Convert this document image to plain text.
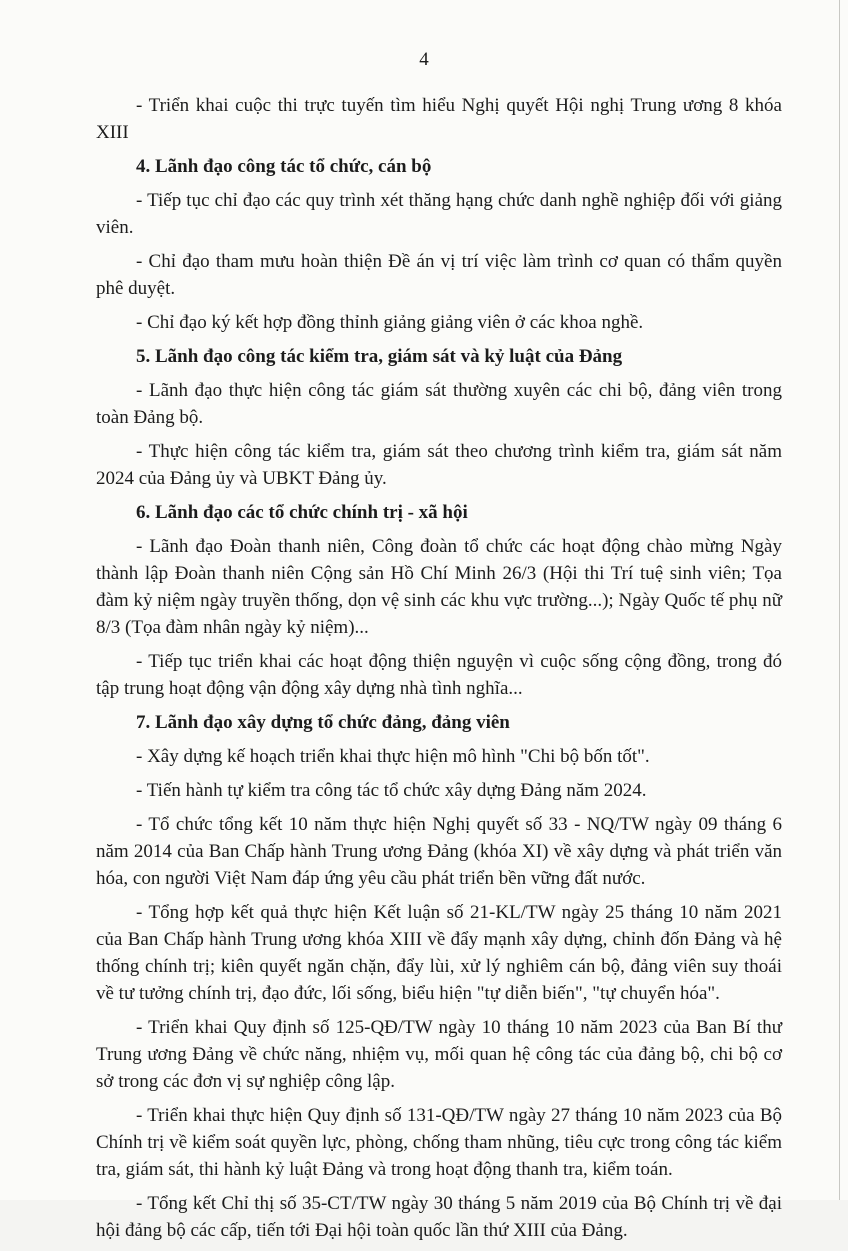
4

- Triển khai cuộc thi trực tuyến tìm hiểu Nghị quyết Hội nghị Trung ương 8 khóa XIII

4. Lãnh đạo công tác tổ chức, cán bộ

- Tiếp tục chỉ đạo các quy trình xét thăng hạng chức danh nghề nghiệp đối với giảng viên.

- Chỉ đạo tham mưu hoàn thiện Đề án vị trí việc làm trình cơ quan có thẩm quyền phê duyệt.

- Chỉ đạo ký kết hợp đồng thỉnh giảng giảng viên ở các khoa nghề.

5. Lãnh đạo công tác kiểm tra, giám sát và kỷ luật của Đảng

- Lãnh đạo thực hiện công tác giám sát thường xuyên các chi bộ, đảng viên trong toàn Đảng bộ.

- Thực hiện công tác kiểm tra, giám sát theo chương trình kiểm tra, giám sát năm 2024 của Đảng ủy và UBKT Đảng ủy.

6. Lãnh đạo các tổ chức chính trị - xã hội

- Lãnh đạo Đoàn thanh niên, Công đoàn tổ chức các hoạt động chào mừng Ngày thành lập Đoàn thanh niên Cộng sản Hồ Chí Minh 26/3 (Hội thi Trí tuệ sinh viên; Tọa đàm kỷ niệm ngày truyền thống, dọn vệ sinh các khu vực trường...); Ngày Quốc tế phụ nữ 8/3 (Tọa đàm nhân ngày kỷ niệm)...

- Tiếp tục triển khai các hoạt động thiện nguyện vì cuộc sống cộng đồng, trong đó tập trung hoạt động vận động xây dựng nhà tình nghĩa...

7. Lãnh đạo xây dựng tổ chức đảng, đảng viên

- Xây dựng kế hoạch triển khai thực hiện mô hình "Chi bộ bốn tốt".

- Tiến hành tự kiểm tra công tác tổ chức xây dựng Đảng năm 2024.

- Tổ chức tổng kết 10 năm thực hiện Nghị quyết số 33 - NQ/TW ngày 09 tháng 6 năm 2014 của Ban Chấp hành Trung ương Đảng (khóa XI) về xây dựng và phát triển văn hóa, con người Việt Nam đáp ứng yêu cầu phát triển bền vững đất nước.

- Tổng hợp kết quả thực hiện Kết luận số 21-KL/TW ngày 25 tháng 10 năm 2021 của Ban Chấp hành Trung ương khóa XIII về đẩy mạnh xây dựng, chỉnh đốn Đảng và hệ thống chính trị; kiên quyết ngăn chặn, đẩy lùi, xử lý nghiêm cán bộ, đảng viên suy thoái về tư tưởng chính trị, đạo đức, lối sống, biểu hiện "tự diễn biến", "tự chuyển hóa".

- Triển khai Quy định số 125-QĐ/TW ngày 10 tháng 10 năm 2023 của Ban Bí thư Trung ương Đảng về chức năng, nhiệm vụ, mối quan hệ công tác của đảng bộ, chi bộ cơ sở trong các đơn vị sự nghiệp công lập.

- Triển khai thực hiện Quy định số 131-QĐ/TW ngày 27 tháng 10 năm 2023 của Bộ Chính trị về kiểm soát quyền lực, phòng, chống tham nhũng, tiêu cực trong công tác kiểm tra, giám sát, thi hành kỷ luật Đảng và trong hoạt động thanh tra, kiểm toán.

- Tổng kết Chỉ thị số 35-CT/TW ngày 30 tháng 5 năm 2019 của Bộ Chính trị về đại hội đảng bộ các cấp, tiến tới Đại hội toàn quốc lần thứ XIII của Đảng.
